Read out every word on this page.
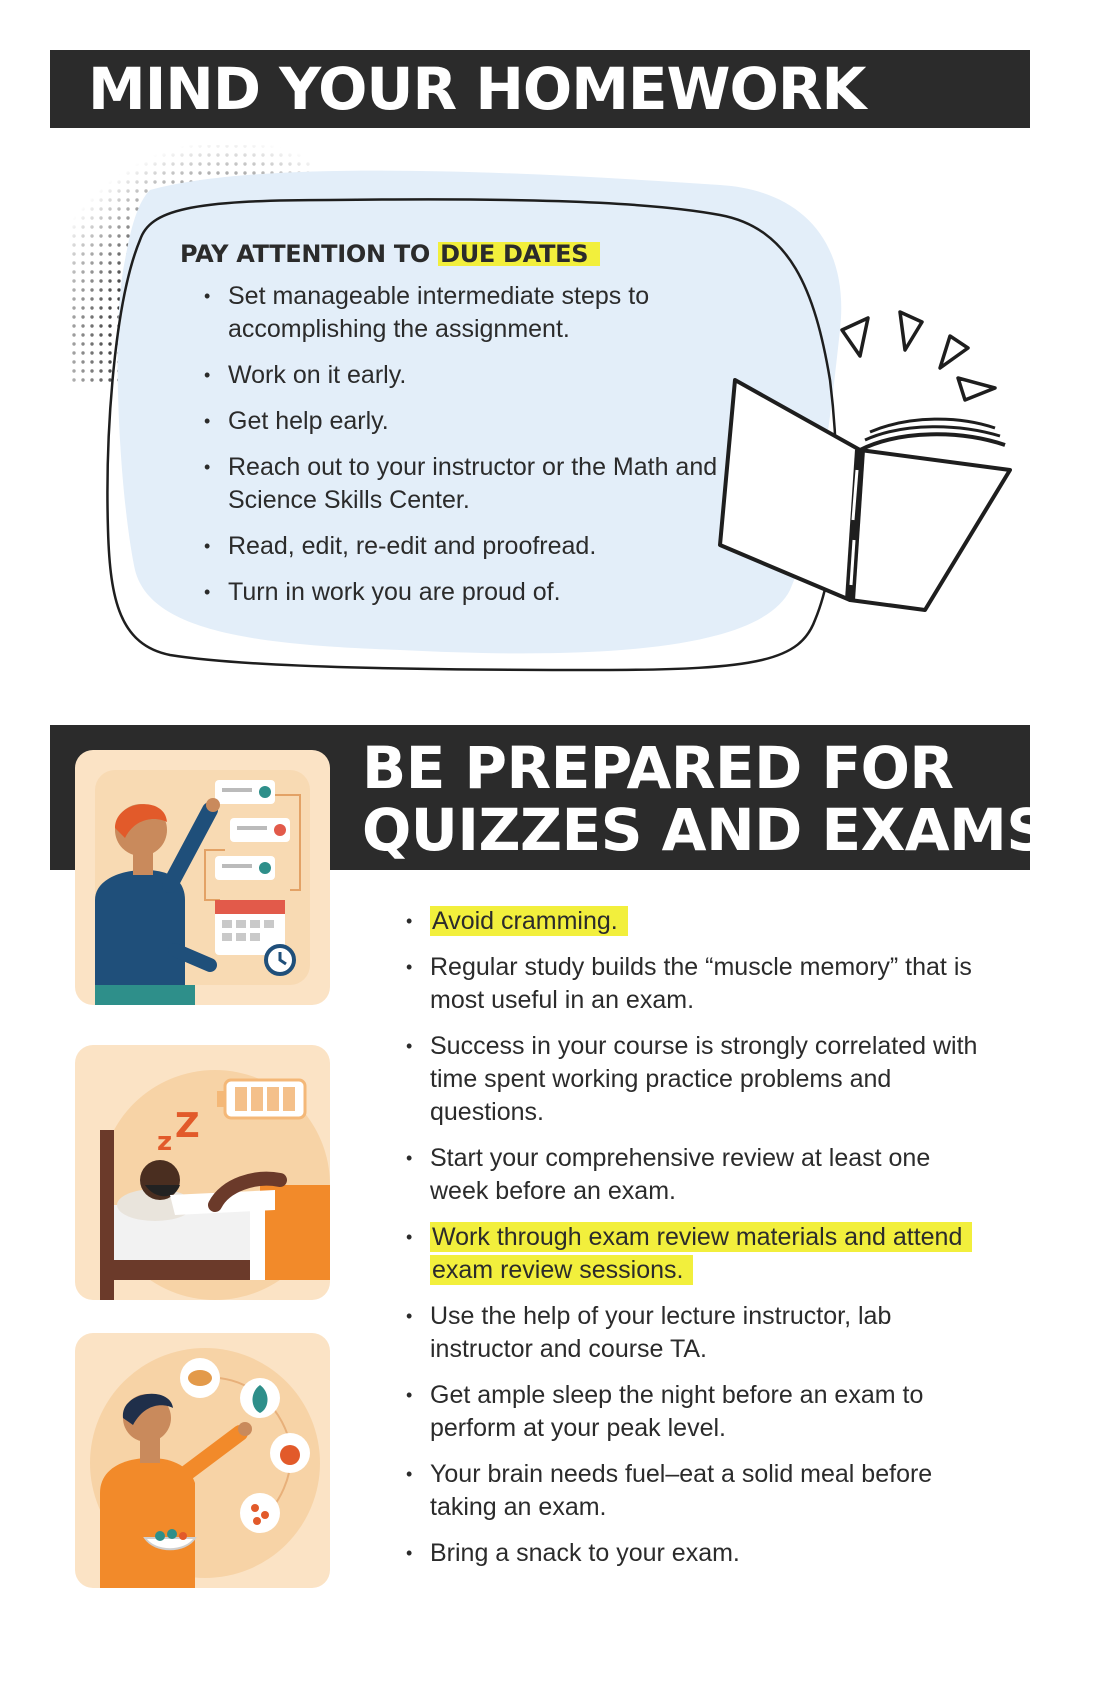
MIND YOUR HOMEWORK
PAY ATTENTION TO DUE DATES
• Set manageable intermediate steps to accomplishing the assignment.
• Work on it early.
• Get help early.
• Reach out to your instructor or the Math and Science Skills Center.
• Read, edit, re-edit and proofread.
• Turn in work you are proud of.
BE PREPARED FOR
QUIZZES AND EXAMS
z Z
• Avoid cramming.
• Regular study builds the “muscle memory” that is most useful in an exam.
• Success in your course is strongly correlated with time spent working practice problems and questions.
• Start your comprehensive review at least one week before an exam.
• Work through exam review materials and attend exam review sessions.
• Use the help of your lecture instructor, lab instructor and course TA.
• Get ample sleep the night before an exam to perform at your peak level.
• Your brain needs fuel–eat a solid meal before taking an exam.
• Bring a snack to your exam.
